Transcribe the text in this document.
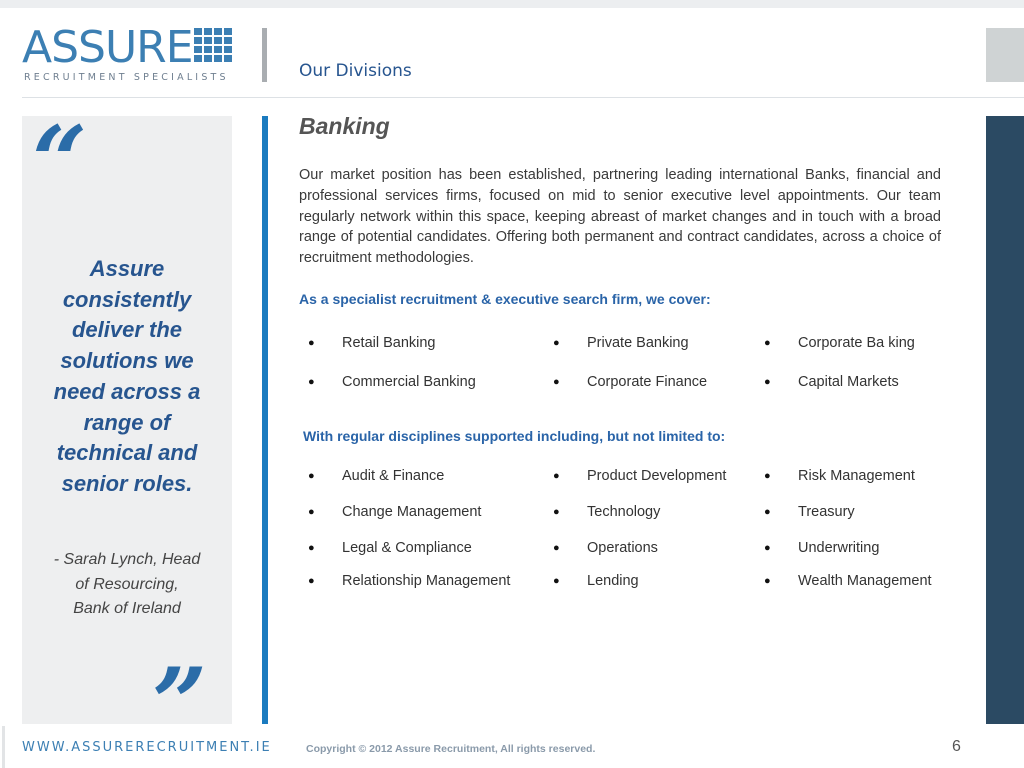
ASSURE
RECRUITMENT SPECIALISTS	Our Divisions
“
Assure
consistently
deliver the
solutions we
need across a
range of
technical and
senior roles.
- Sarah Lynch, Head
of Resourcing,
Bank of Ireland
”
Banking
Our market position has been established, partnering leading international Banks, financial and professional services firms, focused on mid to senior executive level appointments. Our team regularly network within this space, keeping abreast of market changes and in touch with a broad range of potential candidates. Offering both permanent and contract candidates, across a choice of recruitment methodologies.
As a specialist recruitment & executive search firm, we cover:
● Retail Banking	● Private Banking	● Corporate Ba king
● Commercial Banking	● Corporate Finance	● Capital Markets
With regular disciplines supported including, but not limited to:
● Audit & Finance	● Product Development	● Risk Management
● Change Management	● Technology	● Treasury
● Legal & Compliance	● Operations	● Underwriting
● Relationship Management	● Lending	● Wealth Management
WWW.ASSURERECRUITMENT.IE	Copyright © 2012 Assure Recruitment, All rights reserved.	6
